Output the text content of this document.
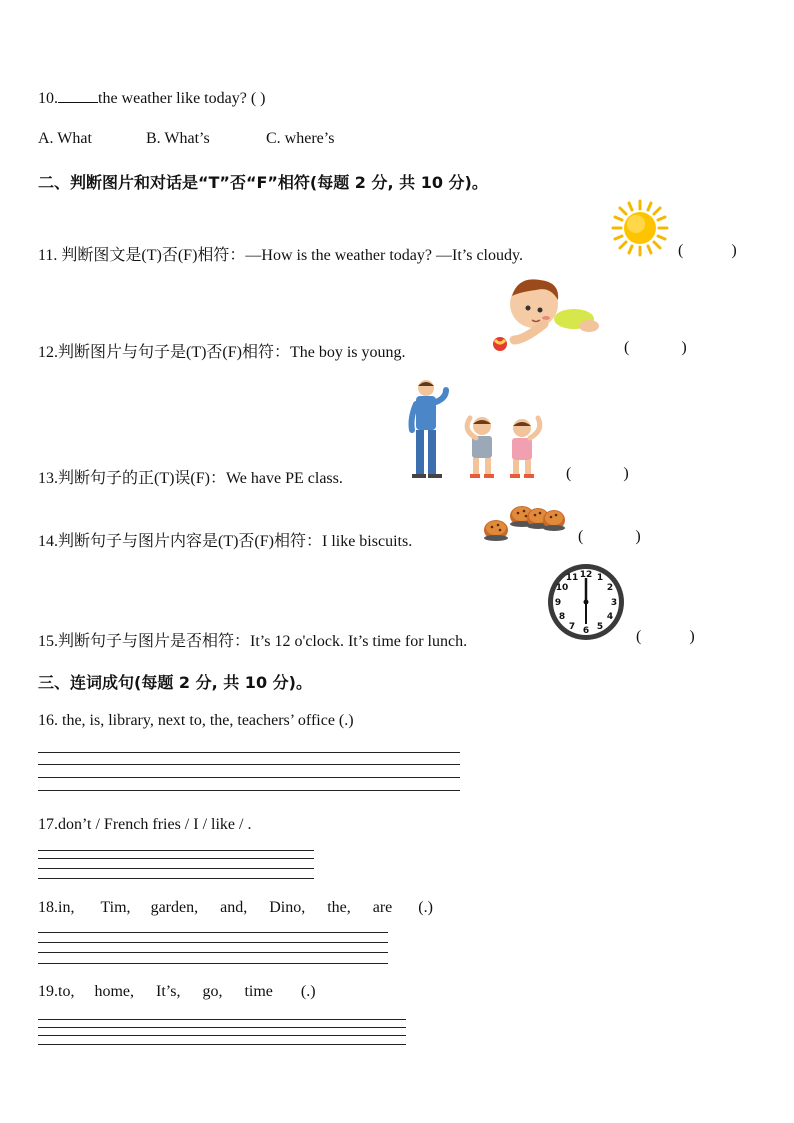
10.	the weather like today? ( )
A. What	B. What’s	C. where’s
二、判断图片和对话是“T”否“F”相符(每题 2 分, 共 10 分)。
11. 判断图文是(T)否(F)相符：—How is the weather today? —It’s cloudy.	(            )
12.判断图片与句子是(T)否(F)相符：The boy is young.	(             )
13.判断句子的正(T)误(F)：We have PE class.	(             )
14.判断句子与图片内容是(T)否(F)相符：I like biscuits.	(             )
15.判断句子与图片是否相符：It’s 12 o'clock. It’s time for lunch.
12 1
2
3
4
5
6
7
8
9
10
11
(            )
三、连词成句(每题 2 分, 共 10 分)。
16. the, is, library, next to, the, teachers’ office (.)
17.don’t / French fries / I / like / .
18.in, Tim, garden, and, Dino, the, are (.)
19.to, home, It’s, go, time (.)
